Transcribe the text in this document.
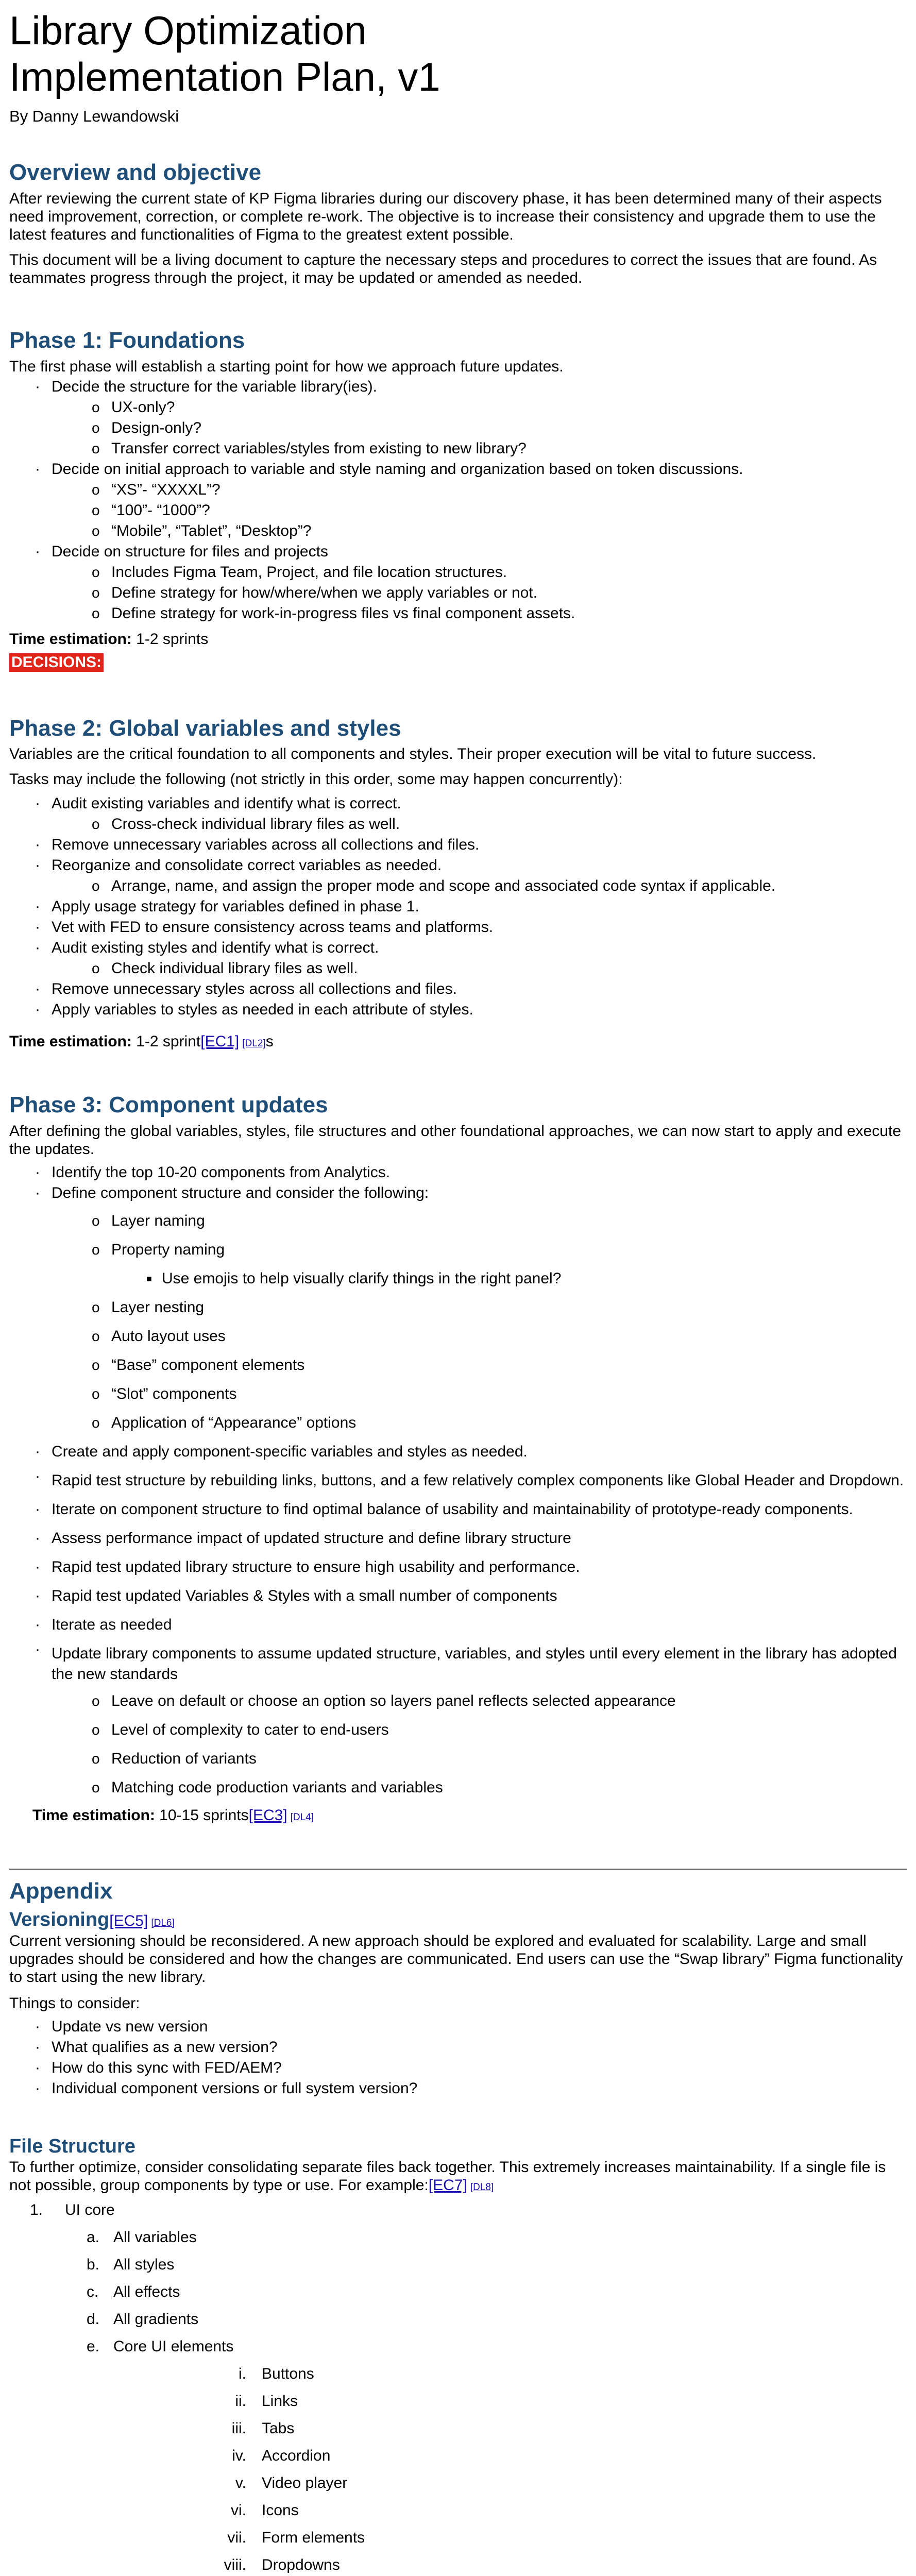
Library Optimization
Implementation Plan, v1

By Danny Lewandowski

Overview and objective

After reviewing the current state of KP Figma libraries during our discovery phase, it has been determined many of their aspects need improvement, correction, or complete re-work. The objective is to increase their consistency and upgrade them to use the latest features and functionalities of Figma to the greatest extent possible.

This document will be a living document to capture the necessary steps and procedures to correct the issues that are found. As teammates progress through the project, it may be updated or amended as needed.

Phase 1: Foundations

The first phase will establish a starting point for how we approach future updates.

· Decide the structure for the variable library(ies).
o UX-only?
o Design-only?
o Transfer correct variables/styles from existing to new library?
· Decide on initial approach to variable and style naming and organization based on token discussions.
o “XS”- “XXXXL”?
o “100”- “1000”?
o “Mobile”, “Tablet”, “Desktop”?
· Decide on structure for files and projects
o Includes Figma Team, Project, and file location structures.
o Define strategy for how/where/when we apply variables or not.
o Define strategy for work-in-progress files vs final component assets.

Time estimation: 1-2 sprints

DECISIONS:
Phase 2: Global variables and styles

Variables are the critical foundation to all components and styles. Their proper execution will be vital to future success.

Tasks may include the following (not strictly in this order, some may happen concurrently):

· Audit existing variables and identify what is correct.
o Cross-check individual library files as well.
· Remove unnecessary variables across all collections and files.
· Reorganize and consolidate correct variables as needed.
o Arrange, name, and assign the proper mode and scope and associated code syntax if applicable.
· Apply usage strategy for variables defined in phase 1.
· Vet with FED to ensure consistency across teams and platforms.
· Audit existing styles and identify what is correct.
o Check individual library files as well.
· Remove unnecessary styles across all collections and files.
· Apply variables to styles as needed in each attribute of styles.

Time estimation: 1-2 sprint[EC1] [DL2]s

Phase 3: Component updates

After defining the global variables, styles, file structures and other foundational approaches, we can now start to apply and execute the updates.

· Identify the top 10-20 components from Analytics.
· Define component structure and consider the following:
o Layer naming
o Property naming
■ Use emojis to help visually clarify things in the right panel?
o Layer nesting
o Auto layout uses
o “Base” component elements
o “Slot” components
o Application of “Appearance” options
· Create and apply component-specific variables and styles as needed.
· Rapid test structure by rebuilding links, buttons, and a few relatively complex components like Global Header and Dropdown.
· Iterate on component structure to find optimal balance of usability and maintainability of prototype-ready components.
· Assess performance impact of updated structure and define library structure
· Rapid test updated library structure to ensure high usability and performance.
· Rapid test updated Variables & Styles with a small number of components
· Iterate as needed
· Update library components to assume updated structure, variables, and styles until every element in the library has adopted the new standards
o Leave on default or choose an option so layers panel reflects selected appearance
o Level of complexity to cater to end-users
o Reduction of variants
o Matching code production variants and variables

Time estimation: 10-15 sprints[EC3] [DL4]

Appendix
Versioning[EC5] [DL6]

Current versioning should be reconsidered. A new approach should be explored and evaluated for scalability. Large and small upgrades should be considered and how the changes are communicated. End users can use the “Swap library” Figma functionality to start using the new library.

Things to consider:

· Update vs new version
· What qualifies as a new version?
· How do this sync with FED/AEM?
· Individual component versions or full system version?
File Structure

To further optimize, consider consolidating separate files back together. This extremely increases maintainability. If a single file is not possible, group components by type or use. For example:[EC7] [DL8]

1.	UI core
a. All variables
b. All styles
c. All effects
d. All gradients
e. Core UI elements
i. Buttons
ii. Links
iii. Tabs
iv. Accordion
v. Video player
vi. Icons
vii. Form elements
viii. Dropdowns
